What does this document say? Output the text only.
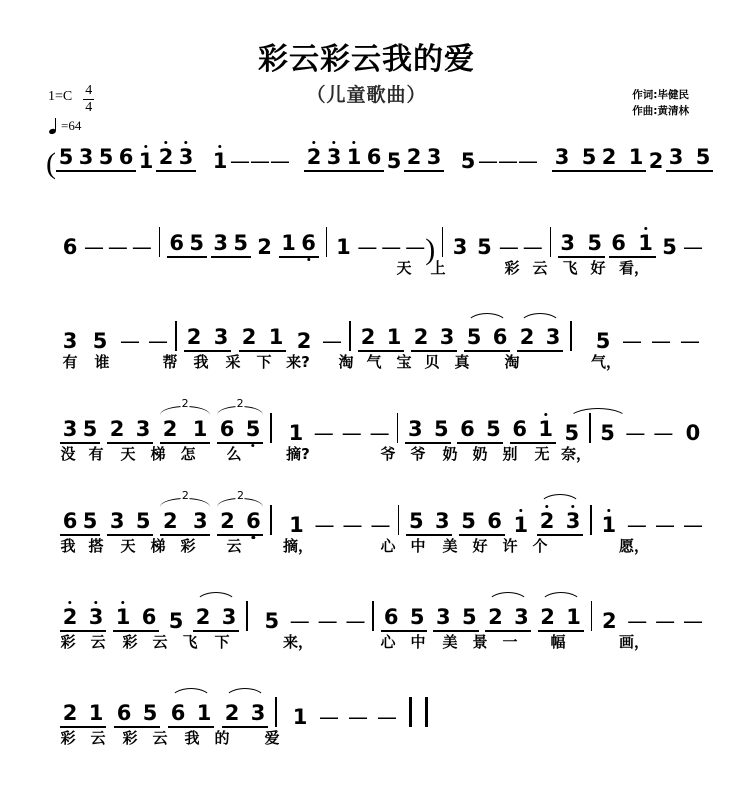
彩云彩云我的爱
（儿童歌曲）	作词:毕健民
作曲:黄清林
$1=C \frac{4}{4}$
=64
( 5 3 5 6 1 2 3 1 — — — 2 3 1 6 5 2 3 5 — — — 3 5 2 1 2 3 5
6 — — — 6 5 3 5 2 1 6 1 — — — ) 3 5 — — 3 5 6 1 5 —
天 上	彩 云 飞 好 看，
3 5 — — 2 3 2 1 2 — 2 1 2 3 5 6 2 3 5 — — —
有 谁	帮 我 采 下 来? 淘 气 宝 贝 真 淘	气，
3 5 2 3 2 1
2
6 5
2
1 — — — 3 5 6 5 6 1 5 5 — — 0
没 有 天 梯 怎 么	摘?	爷 爷 奶 奶 别 无 奈，
6 5 3 5 2 3
2
2 6
2
1 — — — 5 3 5 6 1 2 3 1 — — —
我 搭 天 梯 彩 云	摘，	心 中 美 好 许 个	愿，
2 3 1 6 5 2 3 5 — — — 6 5 3 5 2 3 2 1 2 — — —
彩 云 彩 云 飞 下	来，	心 中 美 景 一 幅	画，
2 1 6 5 6 1 2 3 1 — — —
彩 云 彩 云 我 的 爱
